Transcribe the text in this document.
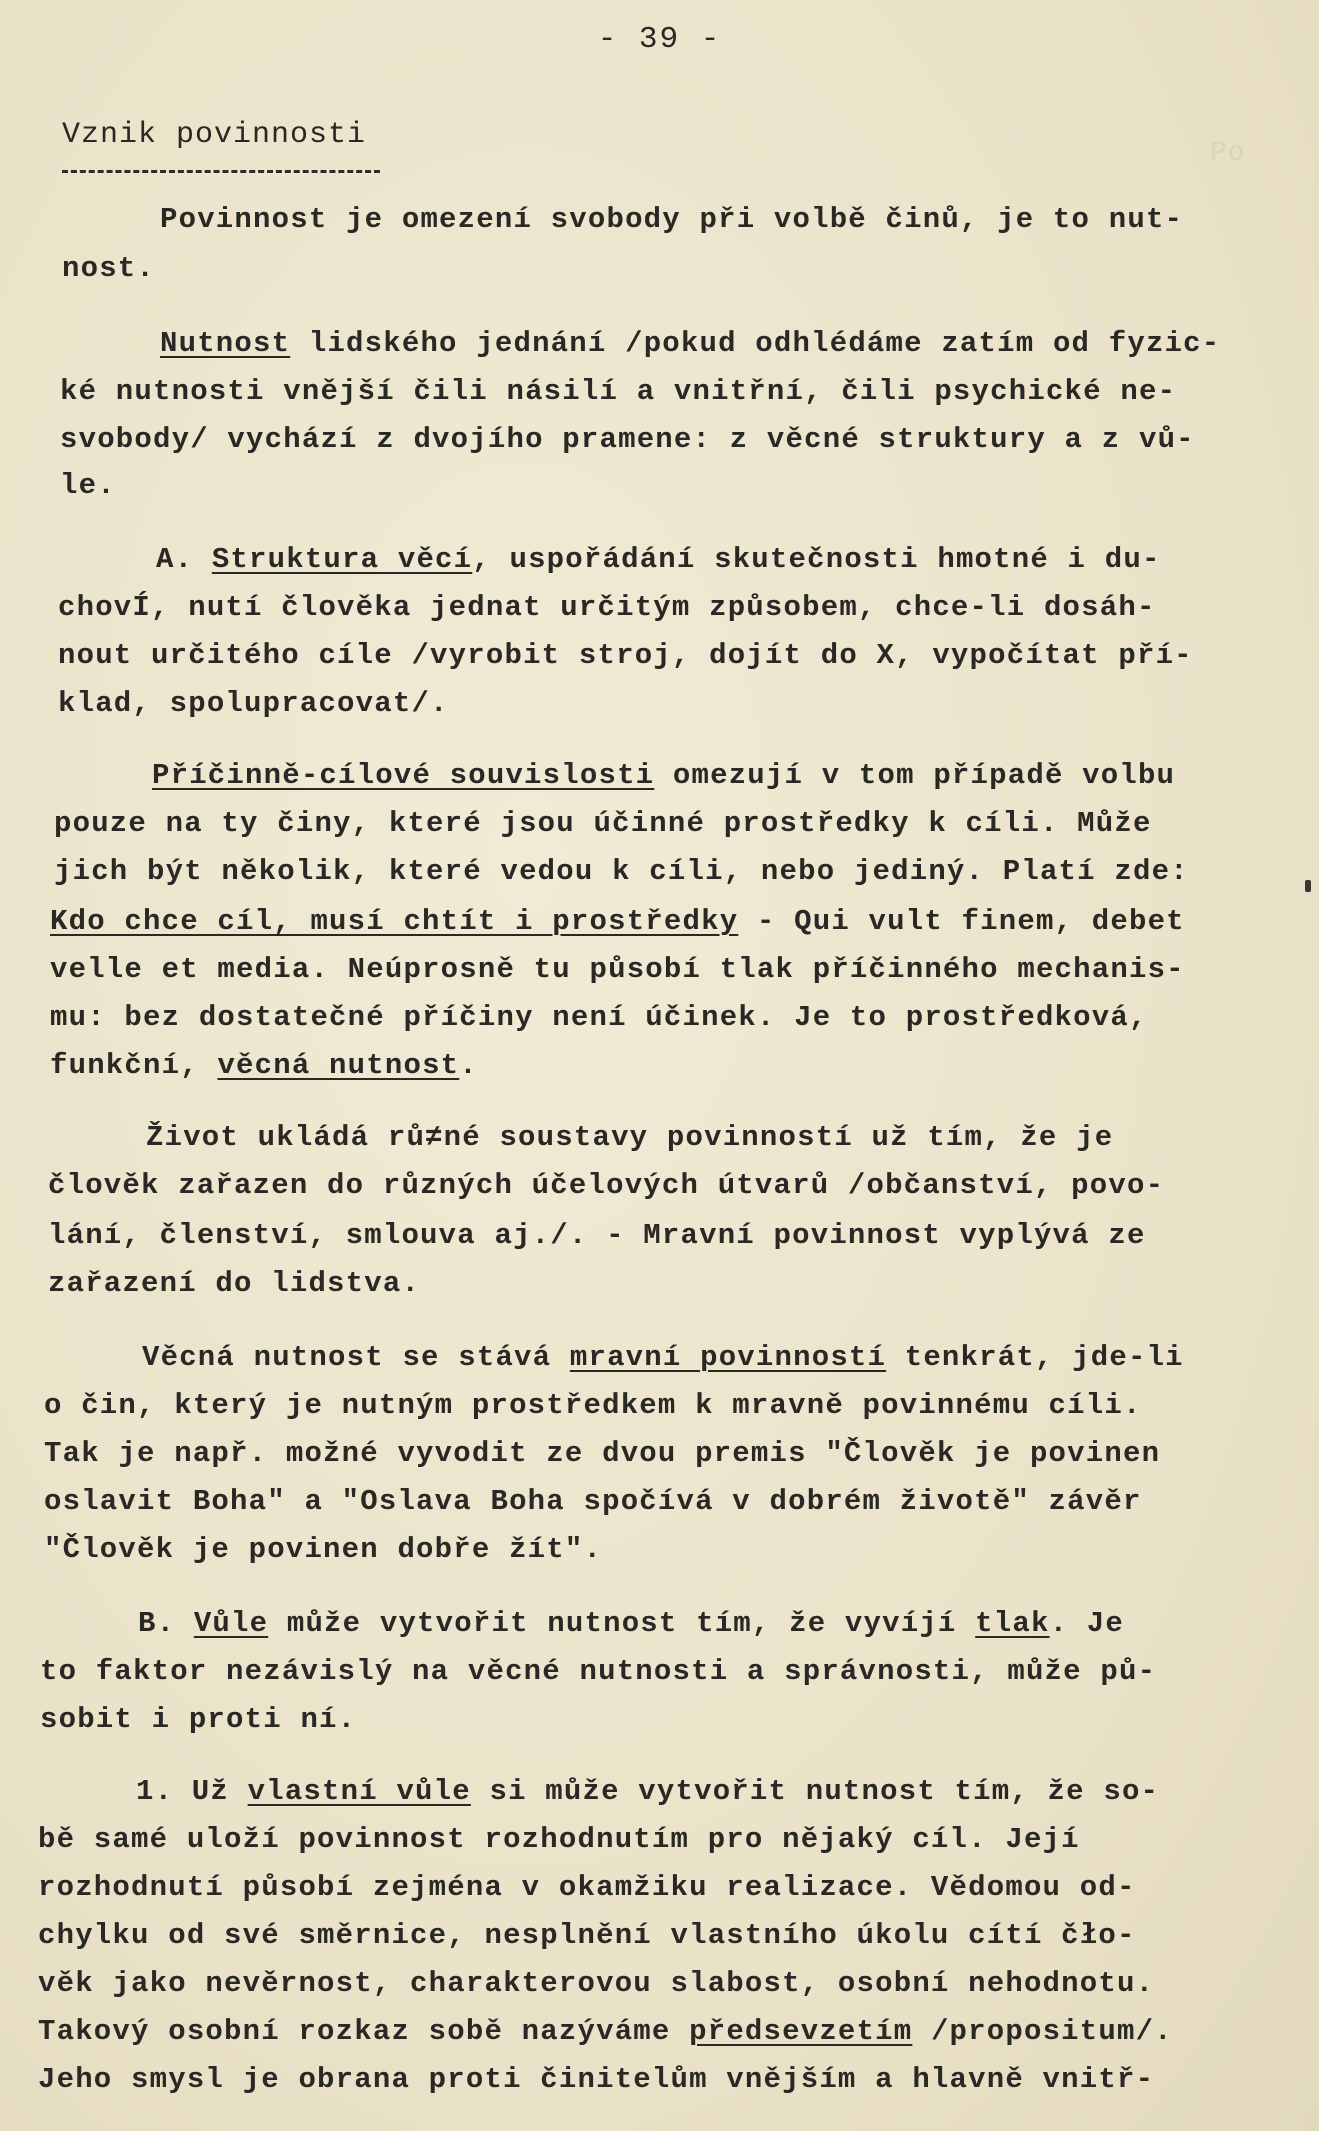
Po
- 39 -
Vznik povinnosti
Povinnost je omezení svobody při volbě činů, je to nut-
nost.
Nutnost lidského jednání /pokud odhlédáme zatím od fyzic-
ké nutnosti vnější čili násilí a vnitřní, čili psychické ne-
svobody/ vychází z dvojího pramene: z věcné struktury a z vů-
le.
A. Struktura věcí, uspořádání skutečnosti hmotné i du-
chovÍ, nutí člověka jednat určitým způsobem, chce-li dosáh-
nout určitého cíle /vyrobit stroj, dojít do X, vypočítat pří-
klad, spolupracovat/.
Příčinně-cílové souvislosti omezují v tom případě volbu
pouze na ty činy, které jsou účinné prostředky k cíli. Může
jich být několik, které vedou k cíli, nebo jediný. Platí zde:
Kdo chce cíl, musí chtít i prostředky - Qui vult finem, debet
velle et media. Neúprosně tu působí tlak příčinného mechanis-
mu: bez dostatečné příčiny není účinek. Je to prostředková,
funkční, věcná nutnost.
Život ukládá rů≠né soustavy povinností už tím, že je
člověk zařazen do různých účelových útvarů /občanství, povo-
lání, členství, smlouva aj./. - Mravní povinnost vyplývá ze
zařazení do lidstva.
Věcná nutnost se stává mravní povinností tenkrát, jde-li
o čin, který je nutným prostředkem k mravně povinnému cíli.
Tak je např. možné vyvodit ze dvou premis "Člověk je povinen
oslavit Boha" a "Oslava Boha spočívá v dobrém životě" závěr
"Člověk je povinen dobře žít".
B. Vůle může vytvořit nutnost tím, že vyvíjí tlak. Je
to faktor nezávislý na věcné nutnosti a správnosti, může pů-
sobit i proti ní.
1. Už vlastní vůle si může vytvořit nutnost tím, že so-
bě samé uloží povinnost rozhodnutím pro nějaký cíl. Její
rozhodnutí působí zejména v okamžiku realizace. Vědomou od-
chylku od své směrnice, nesplnění vlastního úkolu cítí čło-
věk jako nevěrnost, charakterovou slabost, osobní nehodnotu.
Takový osobní rozkaz sobě nazýváme předsevzetím /propositum/.
Jeho smysl je obrana proti činitelům vnějším a hlavně vnitř-
